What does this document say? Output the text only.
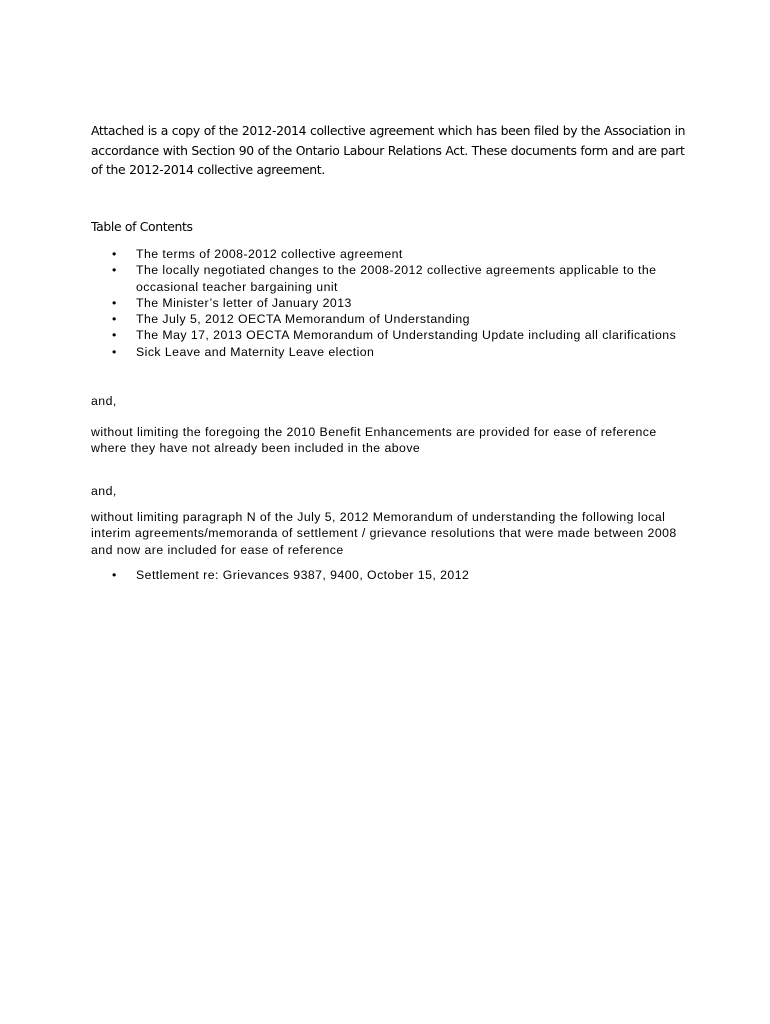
Attached is a copy of the 2012-2014 collective agreement which has been filed by the Association in accordance with Section 90 of the Ontario Labour Relations Act. These documents form and are part of the 2012-2014 collective agreement.

Table of Contents

• The terms of 2008-2012 collective agreement
• The locally negotiated changes to the 2008-2012 collective agreements applicable to the occasional teacher bargaining unit
• The Minister’s letter of January 2013
• The July 5, 2012 OECTA Memorandum of Understanding
• The May 17, 2013 OECTA Memorandum of Understanding Update including all clarifications
• Sick Leave and Maternity Leave election

and,

without limiting the foregoing the 2010 Benefit Enhancements are provided for ease of reference where they have not already been included in the above

and,

without limiting paragraph N of the July 5, 2012 Memorandum of understanding the following local interim agreements/memoranda of settlement / grievance resolutions that were made between 2008 and now are included for ease of reference

• Settlement re: Grievances 9387, 9400, October 15, 2012
